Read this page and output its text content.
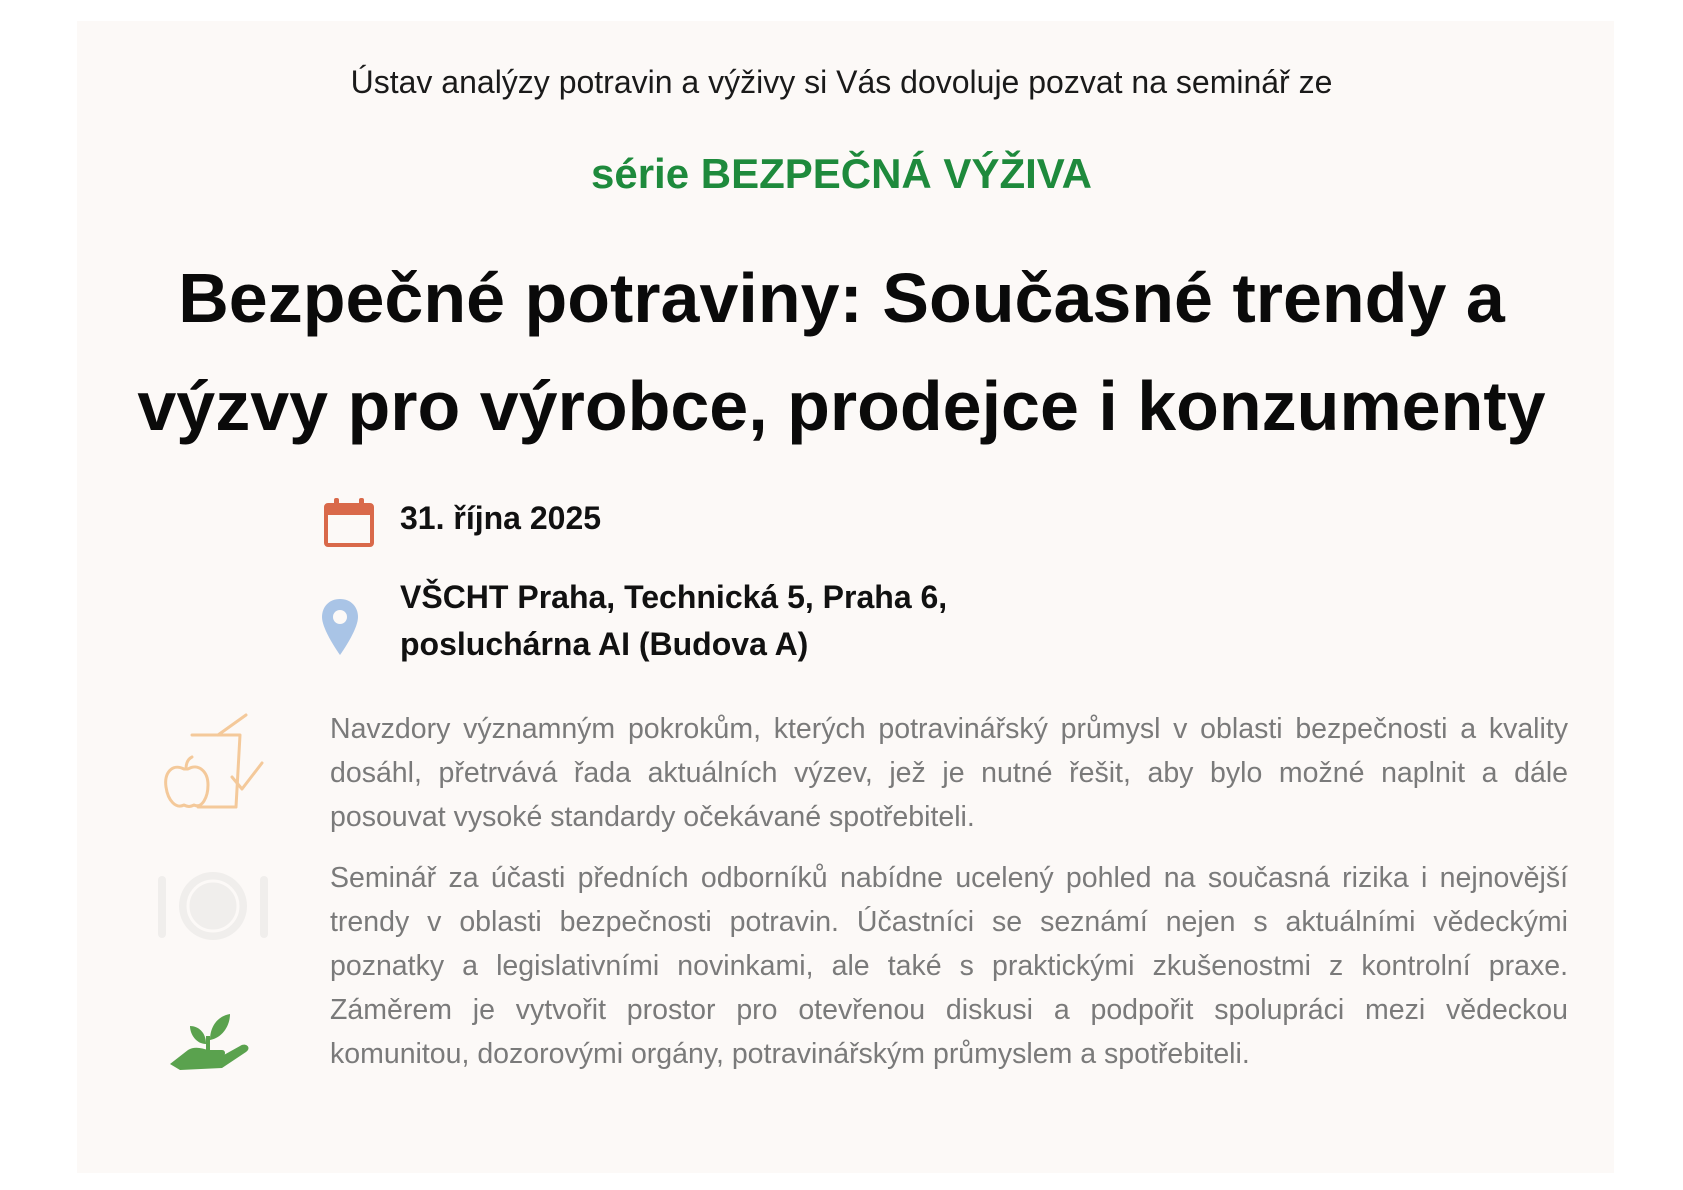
Ústav analýzy potravin a výživy si Vás dovoluje pozvat na seminář ze
série BEZPEČNÁ VÝŽIVA
Bezpečné potraviny: Současné trendy a
výzvy pro výrobce, prodejce i konzumenty
31. října 2025
VŠCHT Praha, Technická 5, Praha 6,
posluchárna AI (Budova A)

Navzdory významným pokrokům, kterých potravinářský průmysl v oblasti bezpečnosti a kvality dosáhl, přetrvává řada aktuálních výzev, jež je nutné řešit, aby bylo možné naplnit a dále posouvat vysoké standardy očekávané spotřebiteli.

Seminář za účasti předních odborníků nabídne ucelený pohled na současná rizika i nejnovější trendy v oblasti bezpečnosti potravin. Účastníci se seznámí nejen s aktuálními vědeckými poznatky a legislativními novinkami, ale také s praktickými zkušenostmi z kontrolní praxe. Záměrem je vytvořit prostor pro otevřenou diskusi a podpořit spolupráci mezi vědeckou komunitou, dozorovými orgány, potravinářským průmyslem a spotřebiteli.
